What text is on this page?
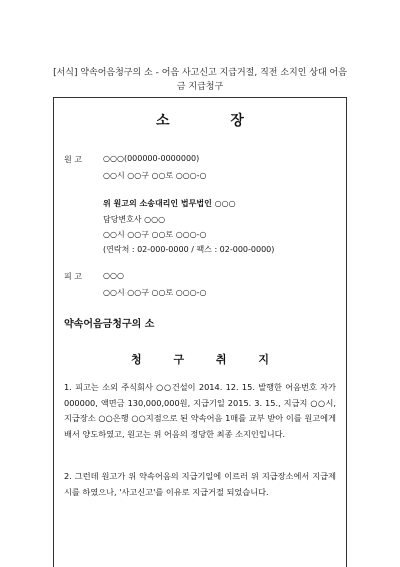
[서식] 약속어음청구의 소 - 어음 사고신고 지급거절, 직전 소지인 상대 어음
금 지급청구
소 장
원 고	○○○(000000-0000000)
○○시 ○○구 ○○로 ○○○-○
위 원고의 소송대리인 법무법인 ○○○
담당변호사 ○○○
○○시 ○○구 ○○로 ○○○-○
(연락처 : 02-000-0000 / 팩스 : 02-000-0000)
피 고	○○○
○○시 ○○구 ○○로 ○○○-○
약속어음금청구의 소
청 구 취 지
1. 피고는 소외 주식회사 ○○건설이 2014. 12. 15. 발행한 어음번호 자가 000000, 액면금 130,000,000원, 지급기일 2015. 3. 15., 지급지 ○○시, 지급장소 ○○은행 ○○지점으로 된 약속어음 1매를 교부 받아 이를 원고에게 배서 양도하였고, 원고는 위 어음의 정당한 최종 소지인입니다.
2. 그런데 원고가 위 약속어음의 지급기일에 이르러 위 지급장소에서 지급제시를 하였으나, '사고신고'를 이유로 지급거절 되었습니다.
